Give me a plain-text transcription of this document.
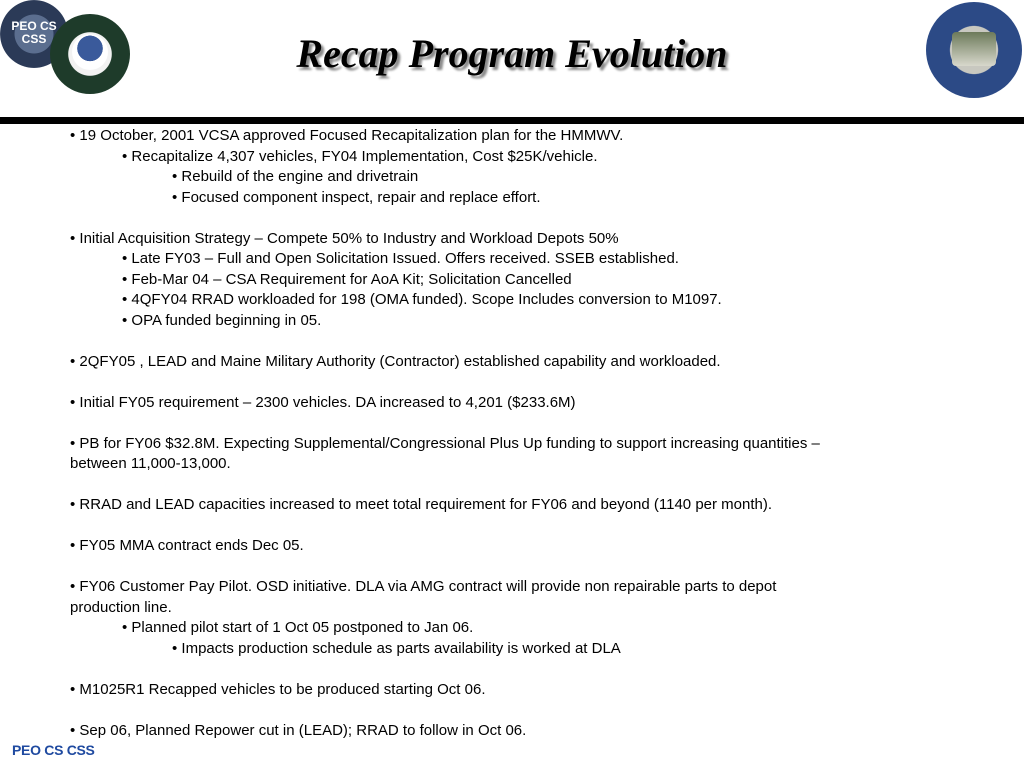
PEO CS CSS	Recap Program Evolution
• 19 October, 2001 VCSA approved Focused Recapitalization plan for the HMMWV.
• Recapitalize 4,307 vehicles, FY04 Implementation, Cost $25K/vehicle.
• Rebuild of the engine and drivetrain
• Focused component inspect, repair and replace effort.
• Initial Acquisition Strategy – Compete 50% to Industry and Workload Depots 50%
• Late FY03 – Full and Open Solicitation Issued. Offers received. SSEB established.
• Feb-Mar 04 – CSA Requirement for AoA Kit; Solicitation Cancelled
• 4QFY04 RRAD workloaded for 198 (OMA funded). Scope Includes conversion to M1097.
• OPA funded beginning in 05.
• 2QFY05 , LEAD and Maine Military Authority (Contractor) established capability and workloaded.
• Initial FY05 requirement – 2300 vehicles. DA increased to 4,201 ($233.6M)
• PB for FY06 $32.8M. Expecting Supplemental/Congressional Plus Up funding to support increasing quantities –
between 11,000-13,000.
• RRAD and LEAD capacities increased to meet total requirement for FY06 and beyond (1140 per month).
• FY05 MMA contract ends Dec 05.
• FY06 Customer Pay Pilot. OSD initiative. DLA via AMG contract will provide non repairable parts to depot
production line.
• Planned pilot start of 1 Oct 05 postponed to Jan 06.
• Impacts production schedule as parts availability is worked at DLA
• M1025R1 Recapped vehicles to be produced starting Oct 06.
• Sep 06, Planned Repower cut in (LEAD); RRAD to follow in Oct 06.
PEO CS CSS
